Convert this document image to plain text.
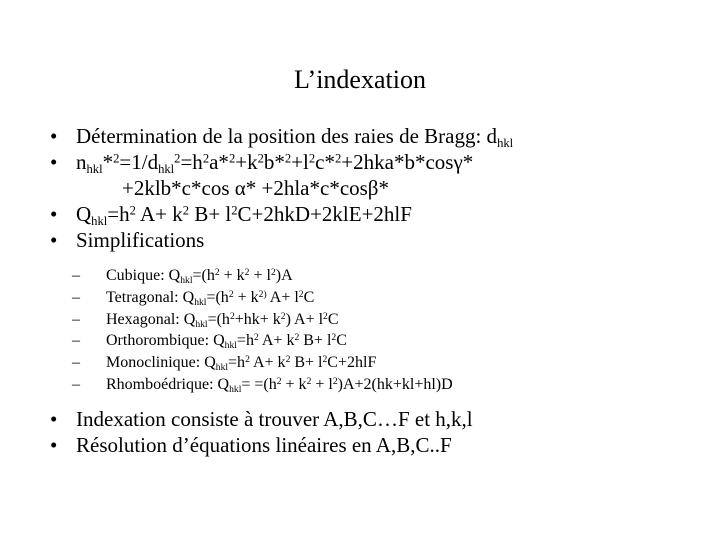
L’indexation
• Détermination de la position des raies de Bragg: $d_{hkl}$
• $n_{hkl}*^2=1/d_{hkl}^2=h^2a*^2+k^2b*^2+l^2c*^2+2hka*b*\cos\gamma*$
+2klb*c*cos α* +2hla*c*cosβ*
• $Q_{hkl}=h^2$ $A+ k^2$ $B+ l^2C+2hkD+2klE+2hlF$
• Simplifications
– Cubique: $Q_{hkl}=(h^2 + k^2 + l^2)A$
– Tetragonal: $Q_{hkl}=(h^2 + k^{2)}$ $A+ l^2C$
– Hexagonal: $Q_{hkl}=(h^2+hk+ k^2)$ $A+ l^2C$
– Orthorombique: $Q_{hkl}=h^2$ $A+ k^2$ $B+ l^2C$
– Monoclinique: $Q_{hkl}=h^2$ $A+ k^2$ $B+ l^2C+2hlF$
– Rhomboédrique: $Q_{hkl}= =(h^2 + k^2 + l^2)A+2(hk+kl+hl)D$
• Indexation consiste à trouver A,B,C…F et h,k,l
• Résolution d’équations linéaires en A,B,C..F
